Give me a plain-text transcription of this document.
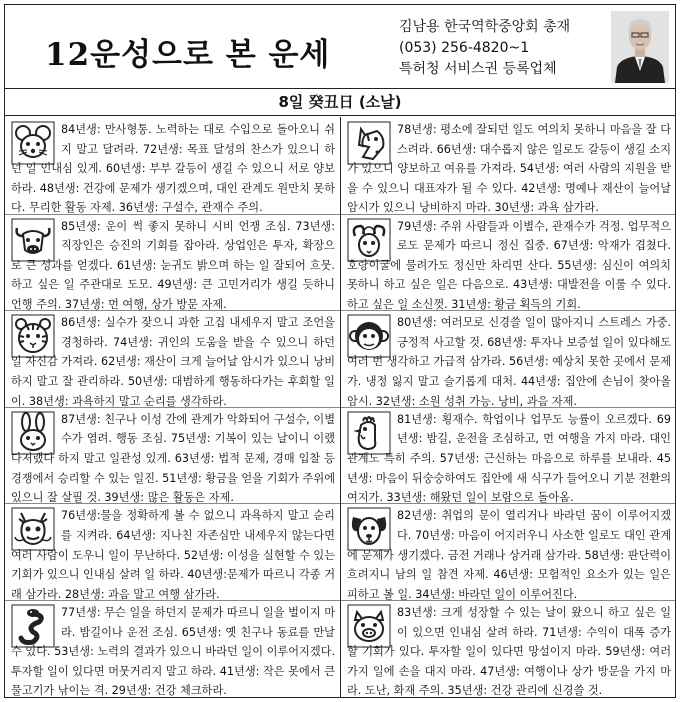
12운성으로 본 운세
김남용 한국역학중앙회 총재
(053) 256-4820~1
특허청 서비스권 등록업체
8일 癸丑日 (소날)
84년생: 만사형통. 노력하는 대로 수입으로 돌아오니 쉬지 말고 달려라. 72년생: 목표 달성의 찬스가 있으니 하던 일 인내심 있게. 60년생: 부부 갈등이 생길 수 있으니 서로 양보하라. 48년생: 건강에 문제가 생기겠으며, 대인 관계도 원만치 못하다. 무리한 활동 자제. 36년생: 구설수, 관재수 주의.
85년생: 운이 썩 좋지 못하니 시비 언쟁 조심. 73년생: 직장인은 승진의 기회를 잡아라. 상업인은 투자, 확장으로 큰 성과를 얻겠다. 61년생: 눈귀도 밝으며 하는 일 잘되어 흐뭇. 하고 싶은 일 주관대로 도모. 49년생: 큰 고민거리가 생길 듯하니 언행 주의. 37년생: 먼 여행, 상가 방문 자제.
86년생: 실수가 잦으니 과한 고집 내세우지 말고 조언을 경청하라. 74년생: 귀인의 도움을 받을 수 있으니 하던 일 자신감 가져라. 62년생: 재산이 크게 늘어날 암시가 있으니 낭비하지 말고 잘 관리하라. 50년생: 대범하게 행동하다가는 후회할 일이. 38년생: 과욕하지 말고 순리를 생각하라.
87년생: 친구나 이성 간에 관계가 악화되어 구설수, 이별수가 염려. 행동 조심. 75년생: 기복이 있는 날이니 이랬다저랬다 하지 말고 일관성 있게. 63년생: 법적 문제, 경매 입찰 등 경쟁에서 승리할 수 있는 일진. 51년생: 황금을 얻을 기회가 주위에 있으니 잘 살필 것. 39년생: 많은 활동은 자제.
76년생:물을 정확하게 볼 수 없으니 과욕하지 말고 순리를 지켜라. 64년생: 지나친 자존심만 내세우지 않는다면 여러 사람이 도우니 일이 무난하다. 52년생: 이성을 실현할 수 있는 기회가 있으니 인내심 살려 일 하라. 40년생:문제가 따르니 각종 거래 삼가라. 28년생: 과음 말고 여행 삼가라.
77년생: 무슨 일을 하던지 문제가 따르니 일을 벌이지 마라. 밤길이나 운전 조심. 65년생: 옛 친구나 동료를 만날 수 있다. 53년생: 노력의 결과가 있으니 바라던 일이 이루어지겠다. 투자할 일이 있다면 머뭇거리지 말고 하라. 41년생: 작은 못에서 큰 물고기가 낚이는 격. 29년생: 건강 체크하라.
78년생: 평소에 잘되던 일도 여의치 못하니 마음을 잘 다스려라. 66년생: 대수롭지 않은 일로도 갈등이 생길 소지가 있으니 양보하고 여유를 가져라. 54년생: 여러 사람의 지원을 받을 수 있으니 대표자가 될 수 있다. 42년생: 명예나 재산이 늘어날 암시가 있으니 낭비하지 마라. 30년생: 과욕 삼가라.
79년생: 주위 사람들과 이별수, 관재수가 걱정. 업무적으로도 문제가 따르니 정신 집중. 67년생: 악재가 겹쳤다. 호랑이굴에 물려가도 정신만 차리면 산다. 55년생: 심신이 여의치 못하니 하고 싶은 일은 다음으로. 43년생: 대발전을 이룰 수 있다. 하고 싶은 일 소신껏. 31년생: 황금 획득의 기회.
80년생: 여러모로 신경쓸 일이 많아지니 스트레스 가중. 긍정적 사고할 것. 68년생: 투자나 보증설 일이 있다해도 여러 번 생각하고 가급적 삼가라. 56년생: 예상치 못한 곳에서 문제가. 냉정 잃지 말고 슬기롭게 대처. 44년생: 집안에 손님이 찾아올 암시. 32년생: 소원 성취 가능. 낭비, 과음 자제.
81년생: 횡재수. 학업이나 업무도 능률이 오르겠다. 69년생: 밤길, 운전을 조심하고, 먼 여행을 가지 마라. 대인 관계도 특히 주의. 57년생: 근신하는 마음으로 하루를 보내라. 45년생: 마음이 뒤숭숭하여도 집안에 새 식구가 들어오니 기분 전환의 여지가. 33년생: 해왔던 일이 보람으로 돌아옴.
82년생: 취업의 문이 열리거나 바라던 꿈이 이루어지겠다. 70년생: 마음이 어지러우니 사소한 일로도 대인 관계에 문제가 생기겠다. 금전 거래나 상거래 삼가라. 58년생: 판단력이 흐려지니 남의 일 참견 자제. 46년생: 모험적인 요소가 있는 일은 피하고 볼 일. 34년생: 바라던 일이 이루어진다.
83년생: 크게 성장할 수 있는 날이 왔으니 하고 싶은 일이 있으면 인내심 살려 하라. 71년생: 수익이 대폭 증가할 기회가 있다. 투자할 일이 있다면 망설이지 마라. 59년생: 여러 가지 일에 손을 대지 마라. 47년생: 여행이나 상가 방문을 가지 마라. 도난, 화재 주의. 35년생: 건강 관리에 신경쓸 것.
